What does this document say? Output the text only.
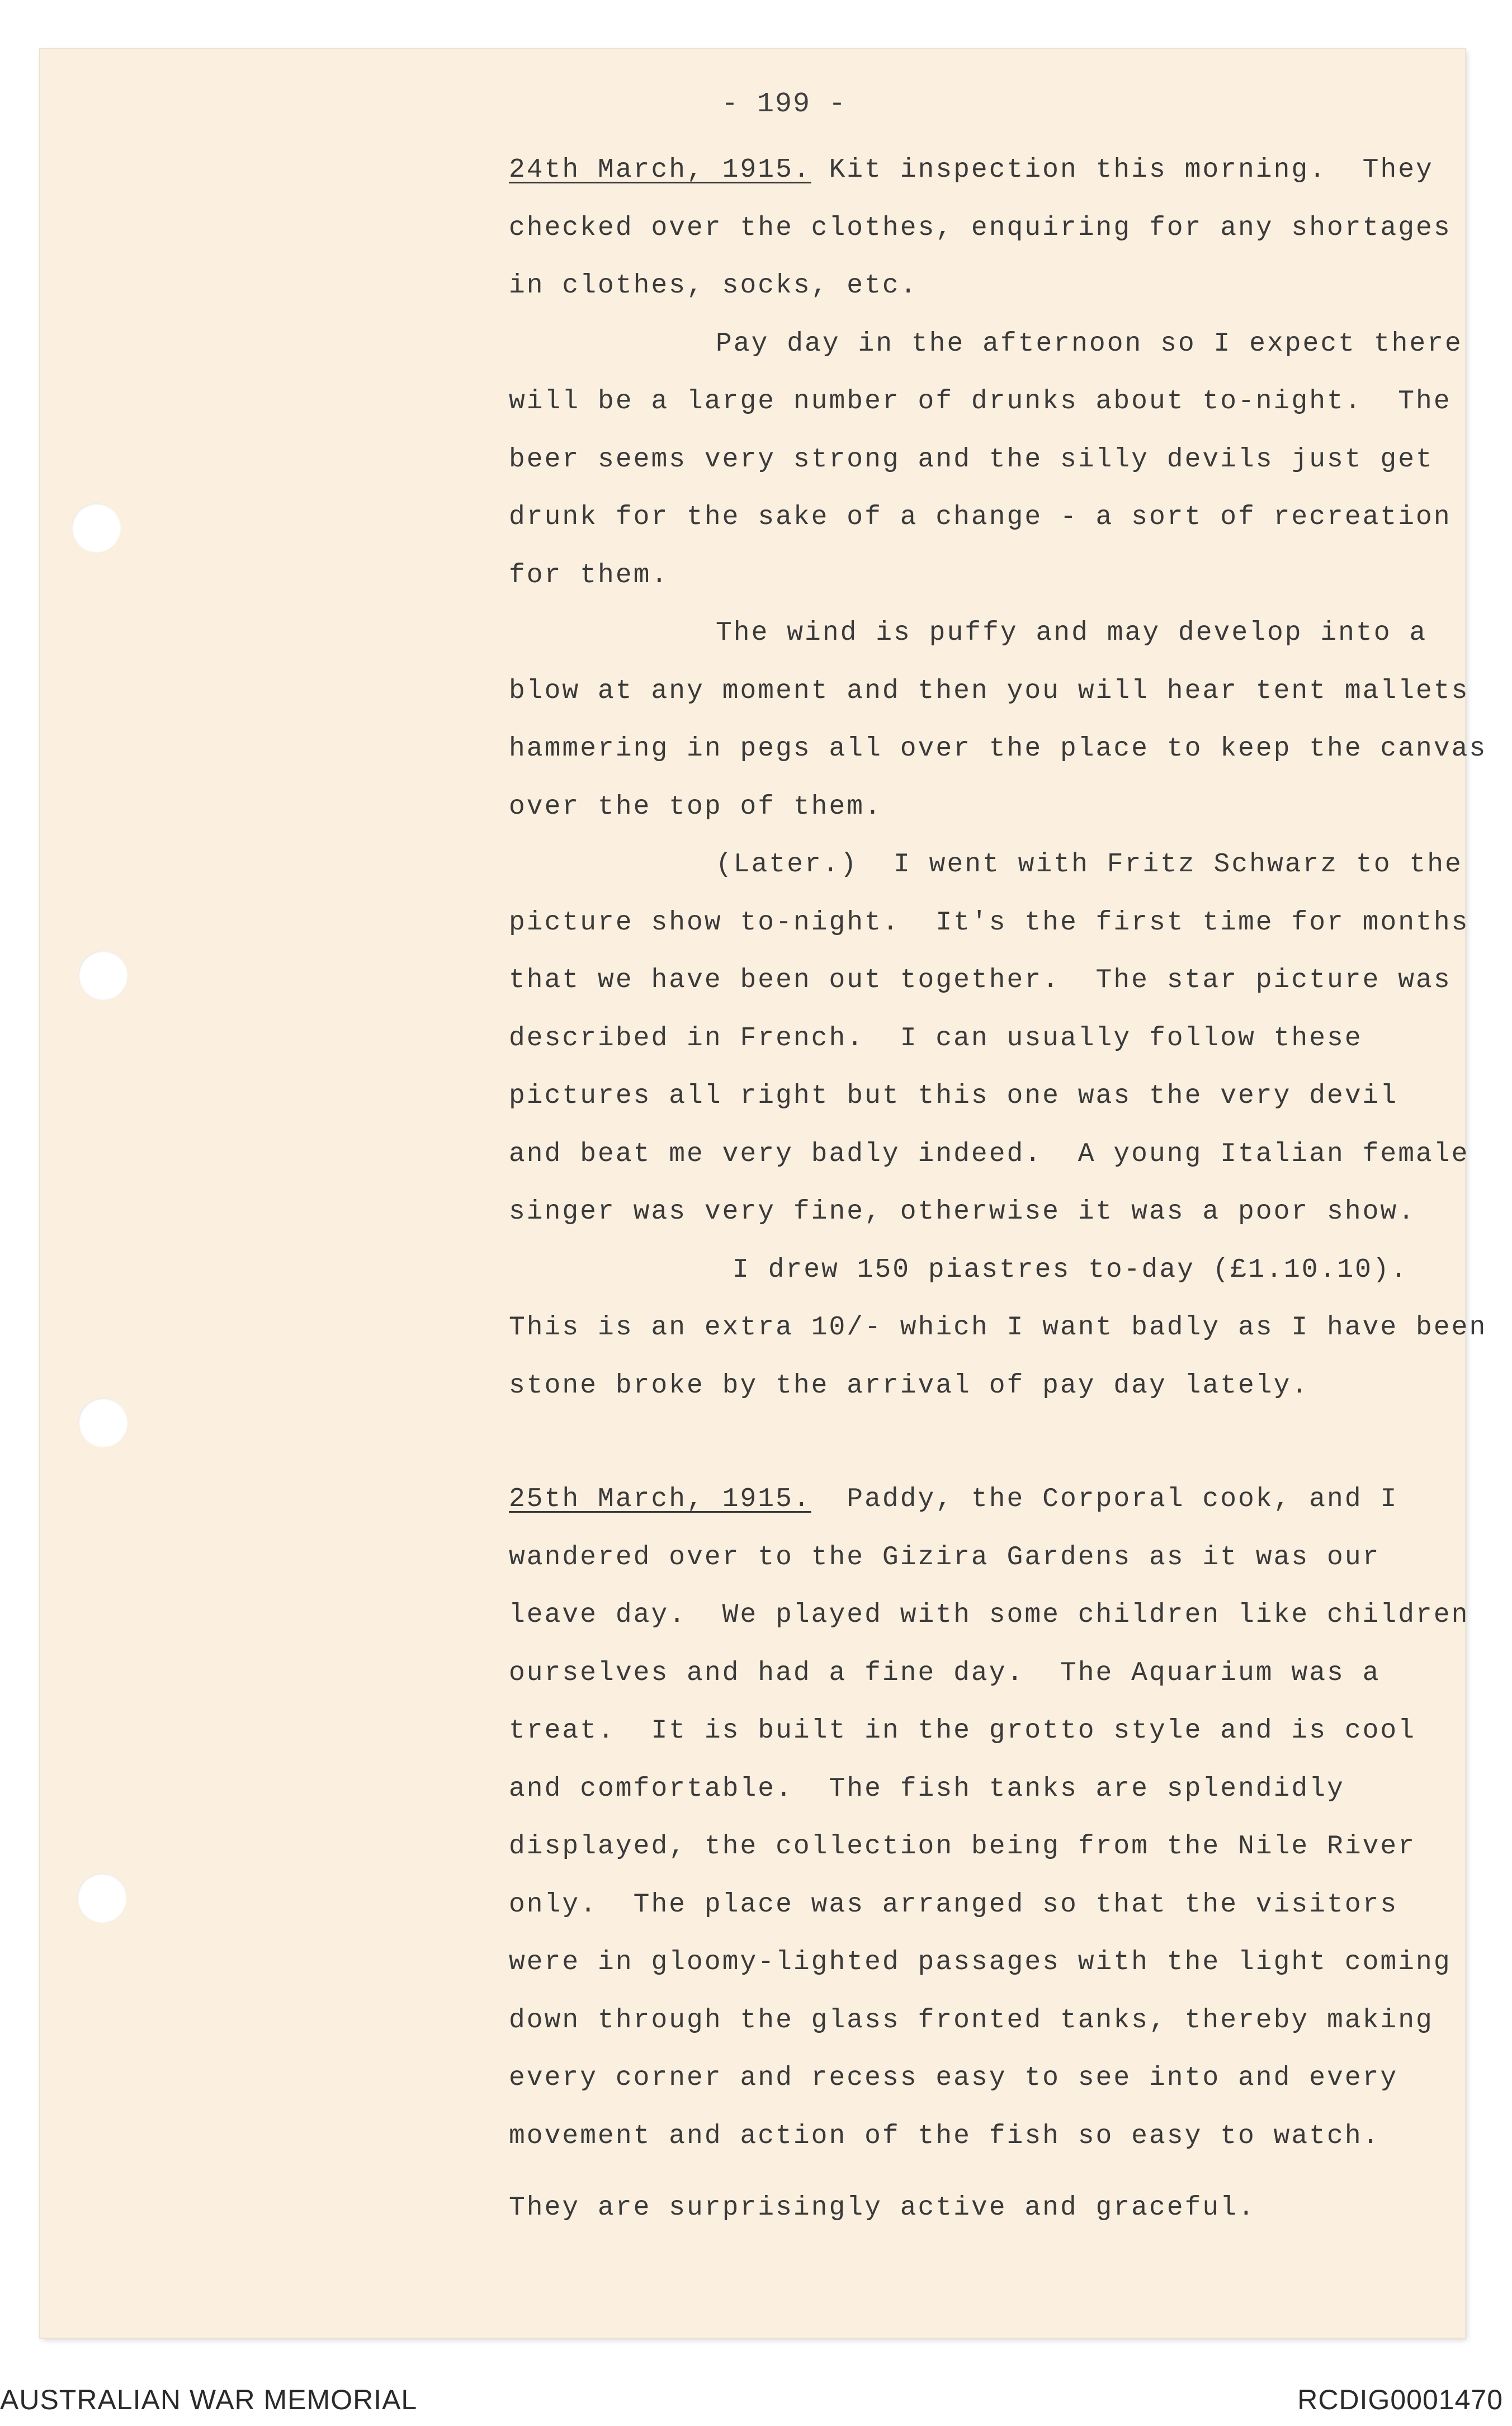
- 199 -
24th March, 1915. Kit inspection this morning.  They
checked over the clothes, enquiring for any shortages
in clothes, socks, etc.
Pay day in the afternoon so I expect there
will be a large number of drunks about to-night.  The
beer seems very strong and the silly devils just get
drunk for the sake of a change - a sort of recreation
for them.
The wind is puffy and may develop into a
blow at any moment and then you will hear tent mallets
hammering in pegs all over the place to keep the canvas
over the top of them.
(Later.)  I went with Fritz Schwarz to the
picture show to-night.  It's the first time for months
that we have been out together.  The star picture was
described in French.  I can usually follow these
pictures all right but this one was the very devil
and beat me very badly indeed.  A young Italian female
singer was very fine, otherwise it was a poor show.
I drew 150 piastres to-day (£1.10.10).
This is an extra 10/- which I want badly as I have been
stone broke by the arrival of pay day lately.
25th March, 1915.  Paddy, the Corporal cook, and I
wandered over to the Gizira Gardens as it was our
leave day.  We played with some children like children
ourselves and had a fine day.  The Aquarium was a
treat.  It is built in the grotto style and is cool
and comfortable.  The fish tanks are splendidly
displayed, the collection being from the Nile River
only.  The place was arranged so that the visitors
were in gloomy-lighted passages with the light coming
down through the glass fronted tanks, thereby making
every corner and recess easy to see into and every
movement and action of the fish so easy to watch.
They are surprisingly active and graceful.
AUSTRALIAN WAR MEMORIAL	RCDIG0001470
